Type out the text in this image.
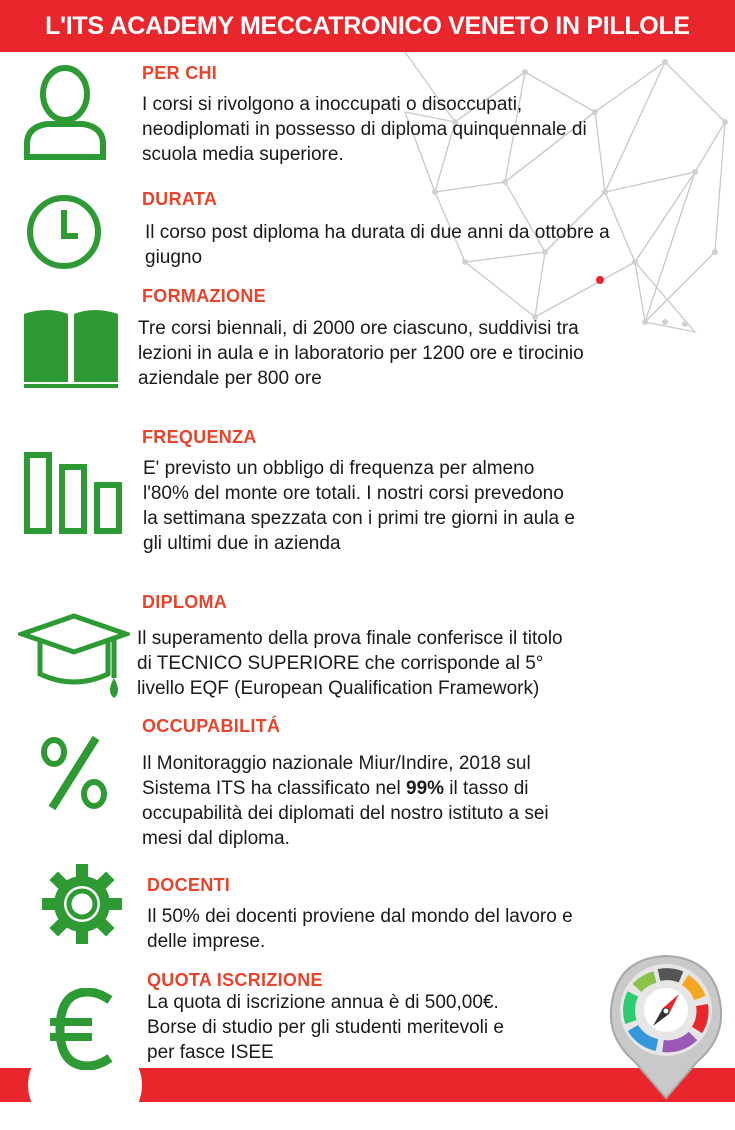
L'ITS ACADEMY MECCATRONICO VENETO IN PILLOLE
PER CHI
I corsi si rivolgono a inoccupati o disoccupati,
neodiplomati in possesso di diploma quinquennale di
scuola media superiore.
DURATA
Il corso post diploma ha durata di due anni da ottobre a
giugno
FORMAZIONE
Tre corsi biennali, di 2000 ore ciascuno, suddivisi tra
lezioni in aula e in laboratorio per 1200 ore e tirocinio
aziendale per 800 ore
FREQUENZA
E' previsto un obbligo di frequenza per almeno
l'80% del monte ore totali. I nostri corsi prevedono
la settimana spezzata con i primi tre giorni in aula e
gli ultimi due in azienda
DIPLOMA
Il superamento della prova finale conferisce il titolo
di TECNICO SUPERIORE che corrisponde al 5°
livello EQF (European Qualification Framework)
OCCUPABILITÁ
Il Monitoraggio nazionale Miur/Indire, 2018 sul
Sistema ITS ha classificato nel 99% il tasso di
occupabilità dei diplomati del nostro istituto a sei
mesi dal diploma.
DOCENTI
Il 50% dei docenti proviene dal mondo del lavoro e
delle imprese.
QUOTA ISCRIZIONE
La quota di iscrizione annua è di 500,00€.
Borse di studio per gli studenti meritevoli e
per fasce ISEE
